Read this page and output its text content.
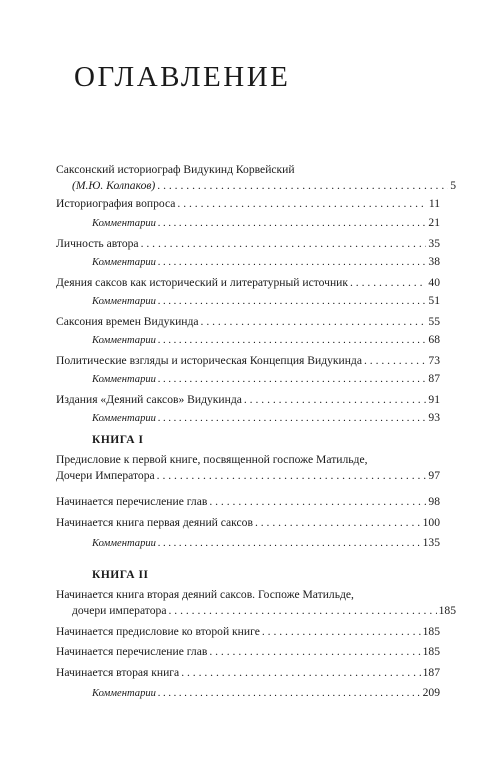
ОГЛАВЛЕНИЕ
Саксонский историограф Видукинд Корвейский
(М.Ю. Колпаков) . . .	5
Историография вопроса . . .	11
Комментарии . . .	21
Личность автора . . .	35
Комментарии . . .	38
Деяния саксов как исторический и литературный источник . . .	40
Комментарии . . .	51
Саксония времен Видукинда . . .	55
Комментарии . . .	68
Политические взгляды и историческая Концепция Видукинда . . .	73
Комментарии . . .	87
Издания «Деяний саксов» Видукинда . . .	91
Комментарии . . .	93
КНИГА I
Предисловие к первой книге, посвященной госпоже Матильде,
Дочери Императора . . .	97
Начинается перечисление глав . . .	98
Начинается книга первая деяний саксов . . .	100
Комментарии . . .	135
КНИГА II
Начинается книга вторая деяний саксов. Госпоже Матильде,
дочери императора . . .	185
Начинается предисловие ко второй книге . . .	185
Начинается перечисление глав . . .	185
Начинается вторая книга . . .	187
Комментарии . . .	209
